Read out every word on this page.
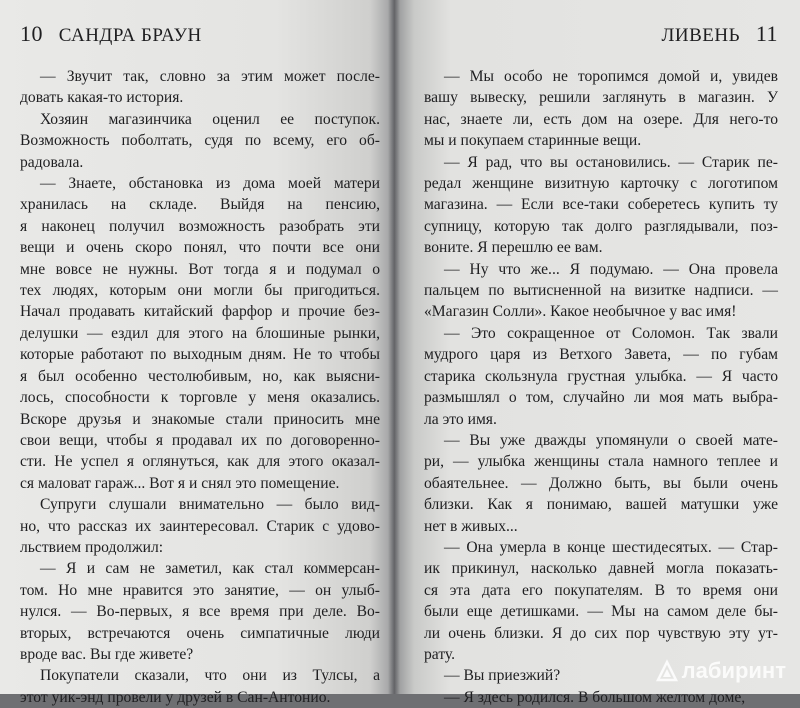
10 САНДРА БРАУН
— Звучит так, словно за этим может после-
довать какая-то история.
Хозяин магазинчика оценил ее поступок.
Возможность поболтать, судя по всему, его об-
радовала.
— Знаете, обстановка из дома моей матери
хранилась на складе. Выйдя на пенсию,
я наконец получил возможность разобрать эти
вещи и очень скоро понял, что почти все они
мне вовсе не нужны. Вот тогда я и подумал о
тех людях, которым они могли бы пригодиться.
Начал продавать китайский фарфор и прочие без-
делушки — ездил для этого на блошиные рынки,
которые работают по выходным дням. Не то чтобы
я был особенно честолюбивым, но, как выясни-
лось, способности к торговле у меня оказались.
Вскоре друзья и знакомые стали приносить мне
свои вещи, чтобы я продавал их по договоренно-
сти. Не успел я оглянуться, как для этого оказал-
ся маловат гараж... Вот я и снял это помещение.
Супруги слушали внимательно — было вид-
но, что рассказ их заинтересовал. Старик с удово-
льствием продолжил:
— Я и сам не заметил, как стал коммерсан-
том. Но мне нравится это занятие, — он улыб-
нулся. — Во-первых, я все время при деле. Во-
вторых, встречаются очень симпатичные люди
вроде вас. Вы где живете?
Покупатели сказали, что они из Тулсы, а
этот уик-энд провели у друзей в Сан-Антонио.
ЛИВЕНЬ 11
— Мы особо не торопимся домой и, увидев
вашу вывеску, решили заглянуть в магазин. У
нас, знаете ли, есть дом на озере. Для него-то
мы и покупаем старинные вещи.
— Я рад, что вы остановились. — Старик пе-
редал женщине визитную карточку с логотипом
магазина. — Если все-таки соберетесь купить ту
супницу, которую так долго разглядывали, поз-
воните. Я перешлю ее вам.
— Ну что же... Я подумаю. — Она провела
пальцем по вытисненной на визитке надписи. —
«Магазин Солли». Какое необычное у вас имя!
— Это сокращенное от Соломон. Так звали
мудрого царя из Ветхого Завета, — по губам
старика скользнула грустная улыбка. — Я часто
размышлял о том, случайно ли моя мать выбра-
ла это имя.
— Вы уже дважды упомянули о своей мате-
ри, — улыбка женщины стала намного теплее и
обаятельнее. — Должно быть, вы были очень
близки. Как я понимаю, вашей матушки уже
нет в живых...
— Она умерла в конце шестидесятых. — Стар-
ик прикинул, насколько давней могла показать-
ся эта дата его покупателям. В то время они
были еще детишками. — Мы на самом деле бы-
ли очень близки. Я до сих пор чувствую эту ут-
рату.
— Вы приезжий?
— Я здесь родился. В большом желтом доме,
лабиринт
